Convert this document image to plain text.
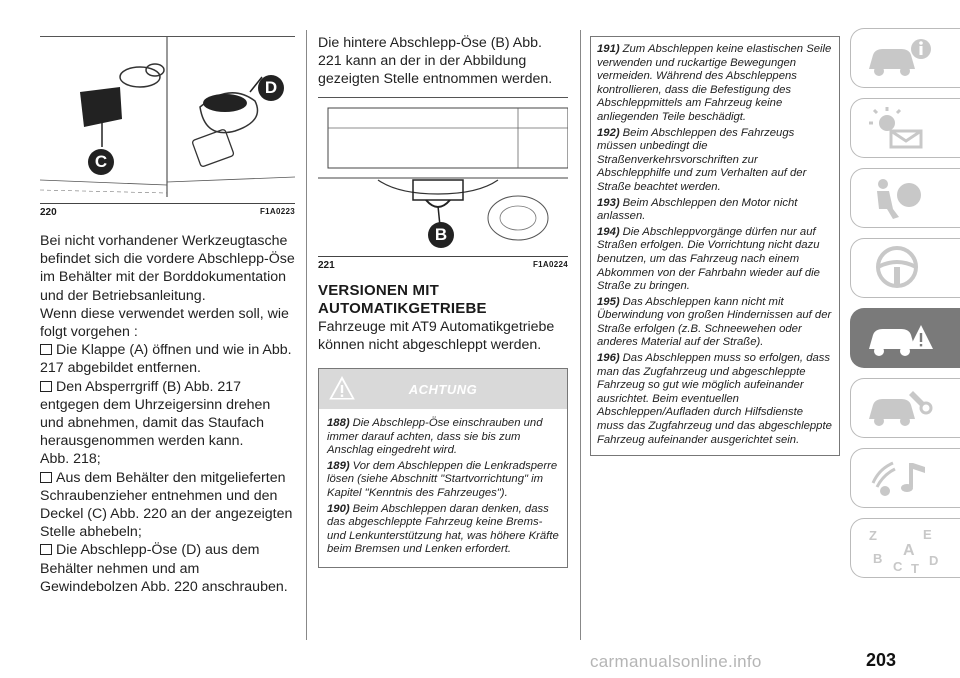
C
D
220	F1A0223

Bei nicht vorhandener Werkzeugtasche befindet sich die vordere Abschlepp-Öse im Behälter mit der Borddokumentation und der Betriebsanleitung.

Wenn diese verwendet werden soll, wie folgt vorgehen :

Die Klappe (A) öffnen und wie in Abb. 217 abgebildet entfernen.

Den Absperrgriff (B) Abb. 217 entgegen dem Uhrzeigersinn drehen und abnehmen, damit das Staufach herausgenommen werden kann.

Abb. 218;

Aus dem Behälter den mitgelieferten Schraubenzieher entnehmen und den Deckel (C) Abb. 220 an der angezeigten Stelle abhebeln;

Die Abschlepp-Öse (D) aus dem Behälter nehmen und am Gewindebolzen Abb. 220 anschrauben.

Die hintere Abschlepp-Öse (B) Abb. 221 kann an der in der Abbildung gezeigten Stelle entnommen werden.

B
221	F1A0224
VERSIONEN MIT AUTOMATIKGETRIEBE

Fahrzeuge mit AT9 Automatikgetriebe können nicht abgeschleppt werden.

ACHTUNG
188) Die Abschlepp-Öse einschrauben und immer darauf achten, dass sie bis zum Anschlag eingedreht wird.
189) Vor dem Abschleppen die Lenkradsperre lösen (siehe Abschnitt "Startvorrichtung" im Kapitel "Kenntnis des Fahrzeuges").
190) Beim Abschleppen daran denken, dass das abgeschleppte Fahrzeug keine Brems- und Lenkunterstützung hat, was höhere Kräfte beim Bremsen und Lenken erfordert.
191) Zum Abschleppen keine elastischen Seile verwenden und ruckartige Bewegungen vermeiden. Während des Abschleppens kontrollieren, dass die Befestigung des Abschleppmittels am Fahrzeug keine anliegenden Teile beschädigt.
192) Beim Abschleppen des Fahrzeugs müssen unbedingt die Straßenverkehrsvorschriften zur Abschlepphilfe und zum Verhalten auf der Straße beachtet werden.
193) Beim Abschleppen den Motor nicht anlassen.
194) Die Abschleppvorgänge dürfen nur auf Straßen erfolgen. Die Vorrichtung nicht dazu benutzen, um das Fahrzeug nach einem Abkommen von der Fahrbahn wieder auf die Straße zu bringen.
195) Das Abschleppen kann nicht mit Überwindung von großen Hindernissen auf der Straße erfolgen (z.B. Schneewehen oder anderes Material auf der Straße).
196) Das Abschleppen muss so erfolgen, dass man das Zugfahrzeug und abgeschleppte Fahrzeug so gut wie möglich aufeinander ausrichtet. Beim eventuellen Abschleppen/Aufladen durch Hilfsdienste muss das Zugfahrzeug und das abgeschleppte Fahrzeug aufeinander ausgerichtet sein.
Z	E
A
B
C D
T
carmanualsonline.info	203
